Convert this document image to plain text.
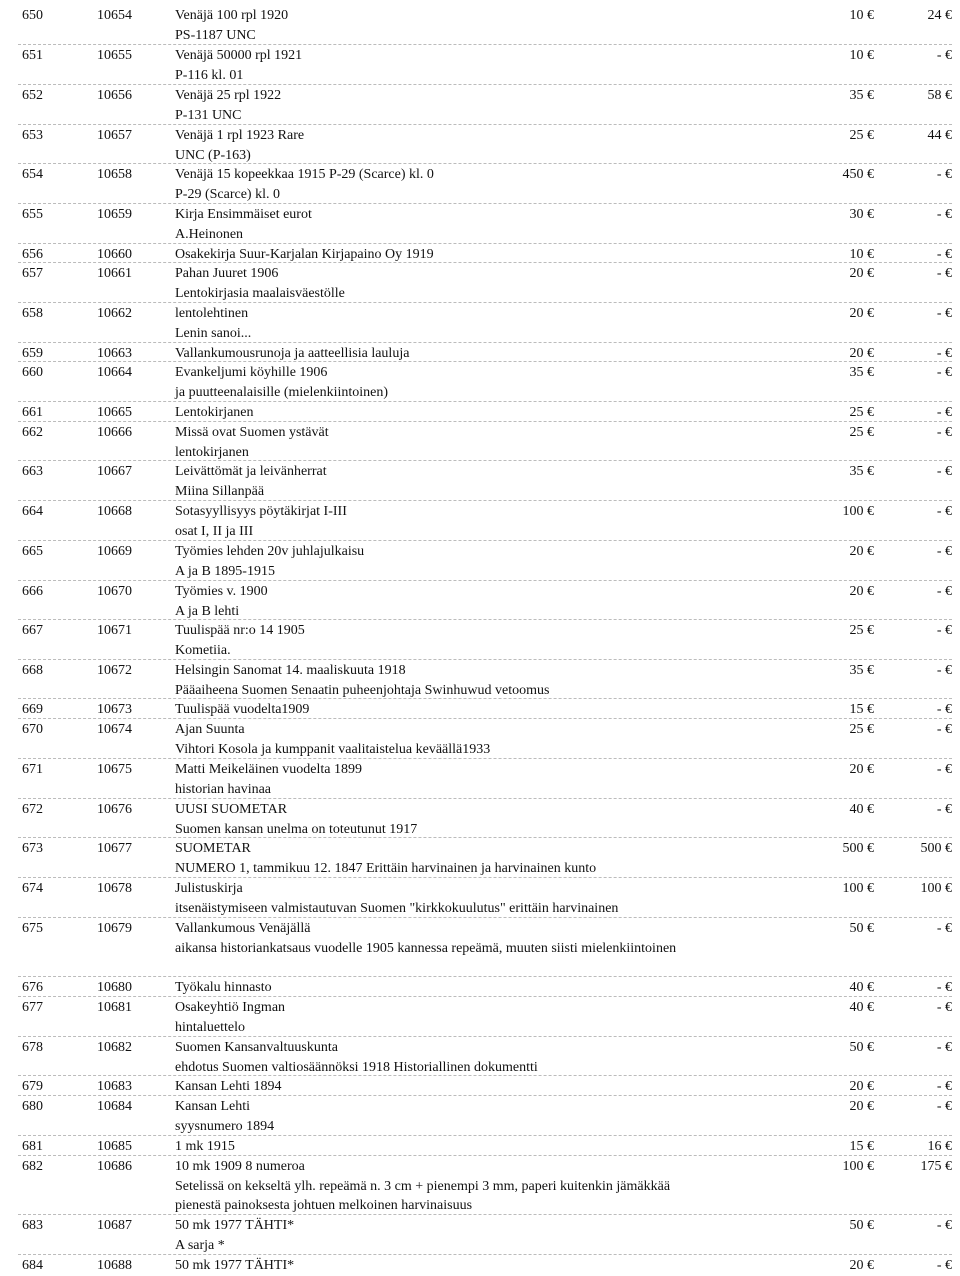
650	10654	Venäjä 100 rpl 1920	10 €	24 €
PS-1187 UNC
651	10655	Venäjä 50000 rpl 1921	10 €	- €
P-116 kl. 01
652	10656	Venäjä 25 rpl 1922	35 €	58 €
P-131 UNC
653	10657	Venäjä 1 rpl 1923 Rare	25 €	44 €
UNC (P-163)
654	10658	Venäjä 15 kopeekkaa 1915 P-29 (Scarce) kl. 0	450 €	- €
P-29 (Scarce) kl. 0
655	10659	Kirja Ensimmäiset eurot	30 €	- €
A.Heinonen
656	10660	Osakekirja Suur-Karjalan Kirjapaino Oy 1919	10 €	- €
657	10661	Pahan Juuret 1906	20 €	- €
Lentokirjasia maalaisväestölle
658	10662	lentolehtinen	20 €	- €
Lenin sanoi...
659	10663	Vallankumousrunoja ja aatteellisia lauluja	20 €	- €
660	10664	Evankeljumi köyhille 1906	35 €	- €
ja puutteenalaisille (mielenkiintoinen)
661	10665	Lentokirjanen	25 €	- €
662	10666	Missä ovat Suomen ystävät	25 €	- €
lentokirjanen
663	10667	Leivättömät ja leivänherrat	35 €	- €
Miina Sillanpää
664	10668	Sotasyyllisyys pöytäkirjat I-III	100 €	- €
osat I, II ja III
665	10669	Työmies lehden 20v juhlajulkaisu	20 €	- €
A ja B 1895-1915
666	10670	Työmies v. 1900	20 €	- €
A ja B lehti
667	10671	Tuulispää nr:o 14 1905	25 €	- €
Kometiia.
668	10672	Helsingin Sanomat 14. maaliskuuta 1918	35 €	- €
Pääaiheena Suomen Senaatin puheenjohtaja Swinhuwud vetoomus
669	10673	Tuulispää vuodelta1909	15 €	- €
670	10674	Ajan Suunta	25 €	- €
Vihtori Kosola ja kumppanit vaalitaistelua keväällä1933
671	10675	Matti Meikeläinen vuodelta 1899	20 €	- €
historian havinaa
672	10676	UUSI SUOMETAR	40 €	- €
Suomen kansan unelma on toteutunut 1917
673	10677	SUOMETAR	500 €	500 €
NUMERO 1, tammikuu 12. 1847 Erittäin harvinainen ja harvinainen kunto
674	10678	Julistuskirja	100 €	100 €
itsenäistymiseen valmistautuvan Suomen "kirkkokuulutus" erittäin harvinainen
675	10679	Vallankumous Venäjällä	50 €	- €
aikansa historiankatsaus vuodelle 1905 kannessa repeämä, muuten siisti mielenkiintoinen
676	10680	Työkalu hinnasto	40 €	- €
677	10681	Osakeyhtiö Ingman	40 €	- €
hintaluettelo
678	10682	Suomen Kansanvaltuuskunta	50 €	- €
ehdotus Suomen valtiosäännöksi 1918 Historiallinen dokumentti
679	10683	Kansan Lehti 1894	20 €	- €
680	10684	Kansan Lehti	20 €	- €
syysnumero 1894
681	10685	1 mk 1915	15 €	16 €
682	10686	10 mk 1909 8 numeroa	100 €	175 €
Setelissä on kekseltä ylh. repeämä n. 3 cm + pienempi 3 mm, paperi kuitenkin jämäkkää
pienestä painoksesta johtuen melkoinen harvinaisuus
683	10687	50 mk 1977 TÄHTI*	50 €	- €
A sarja *
684	10688	50 mk 1977 TÄHTI*	20 €	- €
